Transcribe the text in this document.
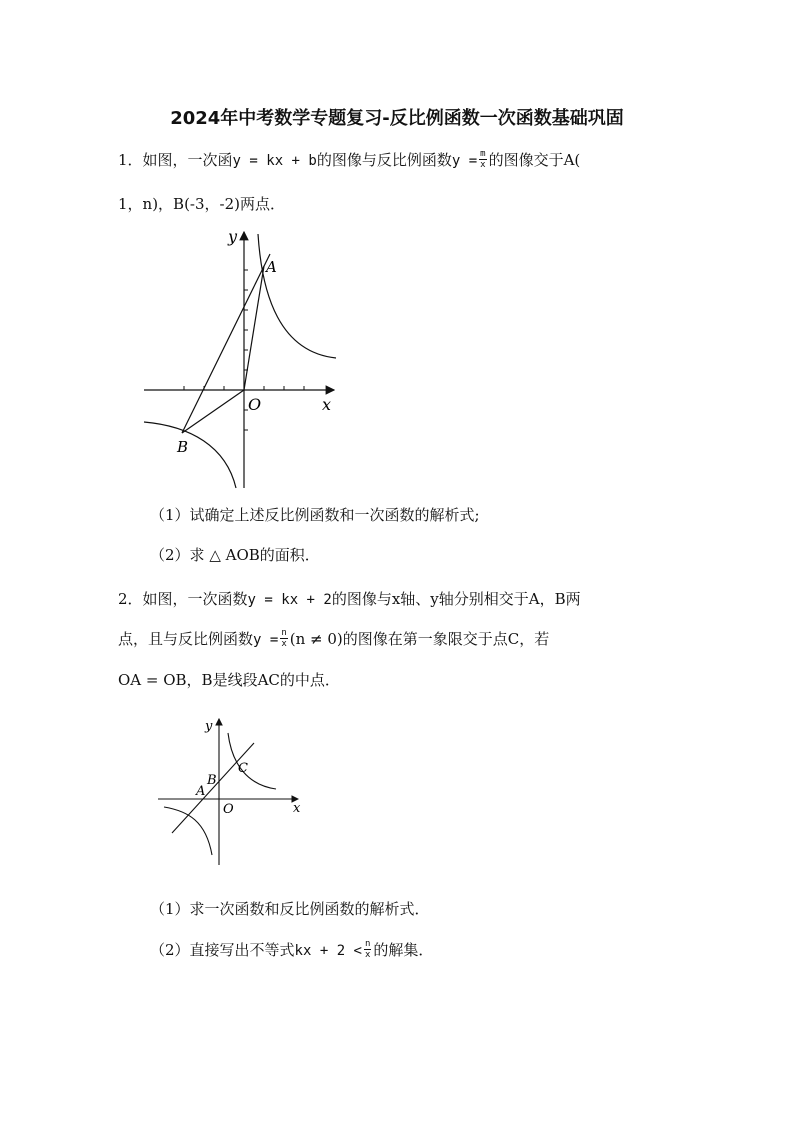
2024年中考数学专题复习-反比例函数一次函数基础巩固
1．如图，一次函y = kx + b的图像与反比例函数$y = \frac{m}{x}$ 的图像交于A(
1，n)，B(-3，-2)两点．
y
x
O
A
B
（1）试确定上述反比例函数和一次函数的解析式;
（2）求 △ AOB的面积．
2．如图，一次函数y = kx + 2的图像与x轴、y轴分别相交于A，B两
点，且与反比例函数$y = \frac{n}{x} (n \ne 0)$的图像在第一象限交于点C，若
OA = OB，B是线段AC的中点．
y
x
O
A
B
C
（1）求一次函数和反比例函数的解析式．
（2）直接写出不等式kx + $2 < \frac{n}{x}$ 的解集．
